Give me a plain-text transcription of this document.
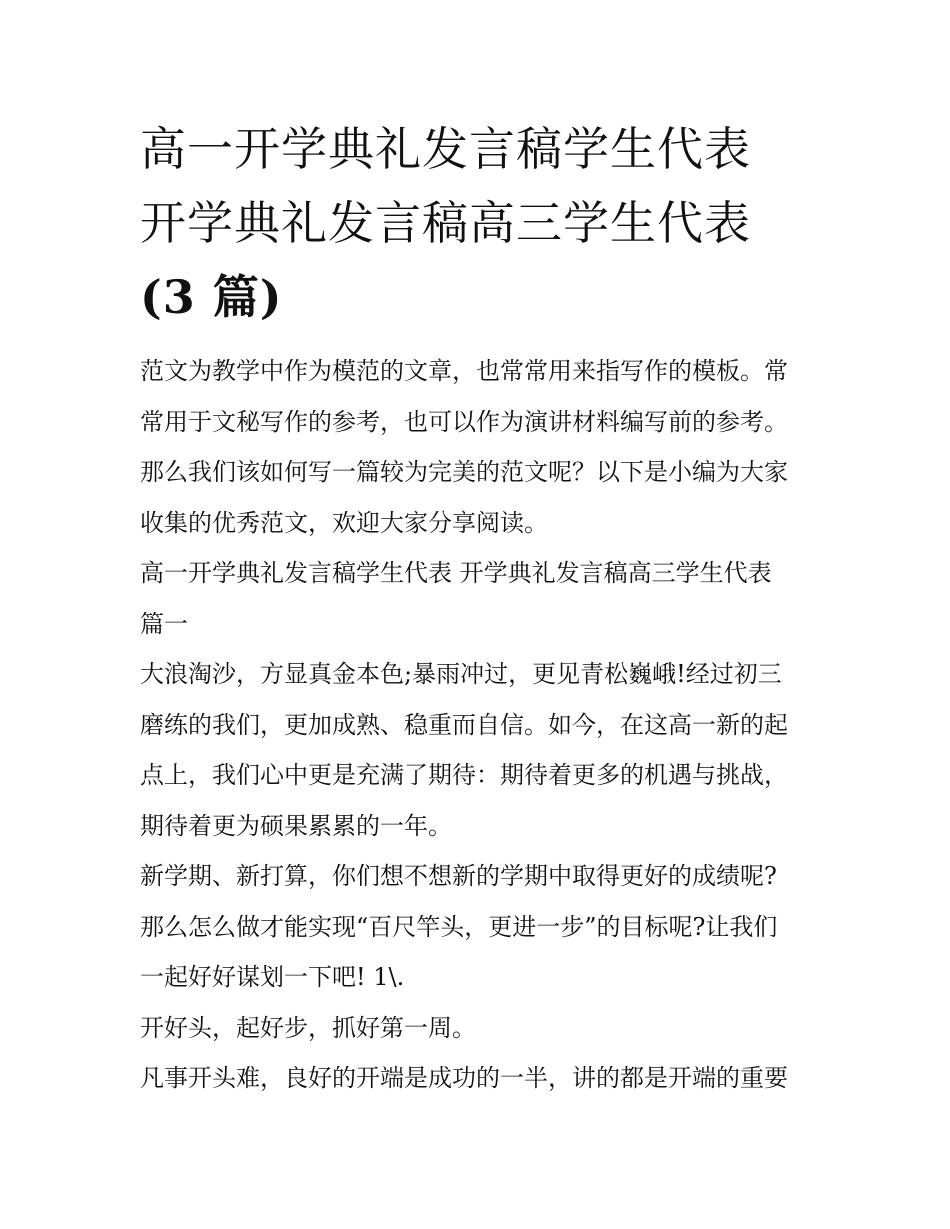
高一开学典礼发言稿学生代表
开学典礼发言稿高三学生代表
(3 篇)

范文为教学中作为模范的文章，也常常用来指写作的模板。常
常用于文秘写作的参考，也可以作为演讲材料编写前的参考。
那么我们该如何写一篇较为完美的范文呢？以下是小编为大家
收集的优秀范文，欢迎大家分享阅读。

高一开学典礼发言稿学生代表 开学典礼发言稿高三学生代表
篇一

大浪淘沙，方显真金本色;暴雨冲过，更见青松巍峨!经过初三
磨练的我们，更加成熟、稳重而自信。如今，在这高一新的起
点上，我们心中更是充满了期待：期待着更多的机遇与挑战，
期待着更为硕果累累的一年。

新学期、新打算，你们想不想新的学期中取得更好的成绩呢?
那么怎么做才能实现“百尺竿头，更进一步”的目标呢?让我们
一起好好谋划一下吧! 1\.

开好头，起好步，抓好第一周。

凡事开头难，良好的开端是成功的一半，讲的都是开端的重要
